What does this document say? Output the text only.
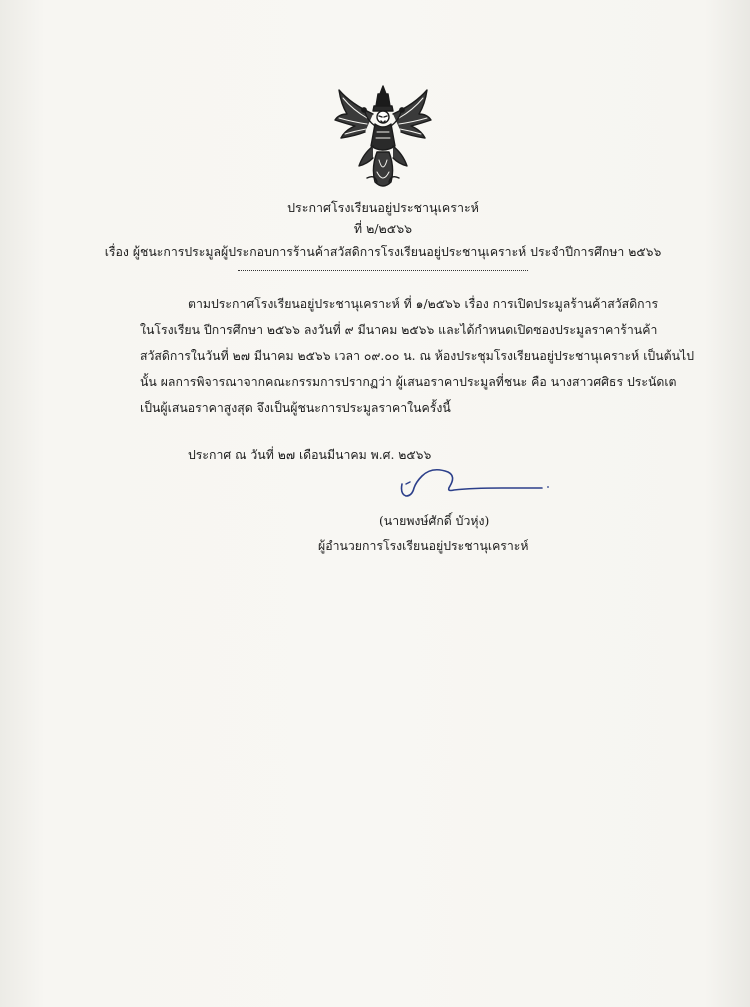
ประกาศโรงเรียนอยู่ประชานุเคราะห์
ที่ ๒/๒๕๖๖
เรื่อง ผู้ชนะการประมูลผู้ประกอบการร้านค้าสวัสดิการโรงเรียนอยู่ประชานุเคราะห์ ประจำปีการศึกษา ๒๕๖๖
ตามประกาศโรงเรียนอยู่ประชานุเคราะห์ ที่ ๑/๒๕๖๖ เรื่อง การเปิดประมูลร้านค้าสวัสดิการ
ในโรงเรียน ปีการศึกษา ๒๕๖๖ ลงวันที่ ๙ มีนาคม ๒๕๖๖ และได้กำหนดเปิดซองประมูลราคาร้านค้า
สวัสดิการในวันที่ ๒๗ มีนาคม ๒๕๖๖ เวลา ๐๙.๐๐ น. ณ ห้องประชุมโรงเรียนอยู่ประชานุเคราะห์ เป็นต้นไป
นั้น ผลการพิจารณาจากคณะกรรมการปรากฏว่า ผู้เสนอราคาประมูลที่ชนะ คือ นางสาวศศิธร ประนัดเต
เป็นผู้เสนอราคาสูงสุด จึงเป็นผู้ชนะการประมูลราคาในครั้งนี้
ประกาศ ณ วันที่ ๒๗ เดือนมีนาคม พ.ศ. ๒๕๖๖
(นายพงษ์ศักดิ์ บัวหุ่ง)
ผู้อำนวยการโรงเรียนอยู่ประชานุเคราะห์
